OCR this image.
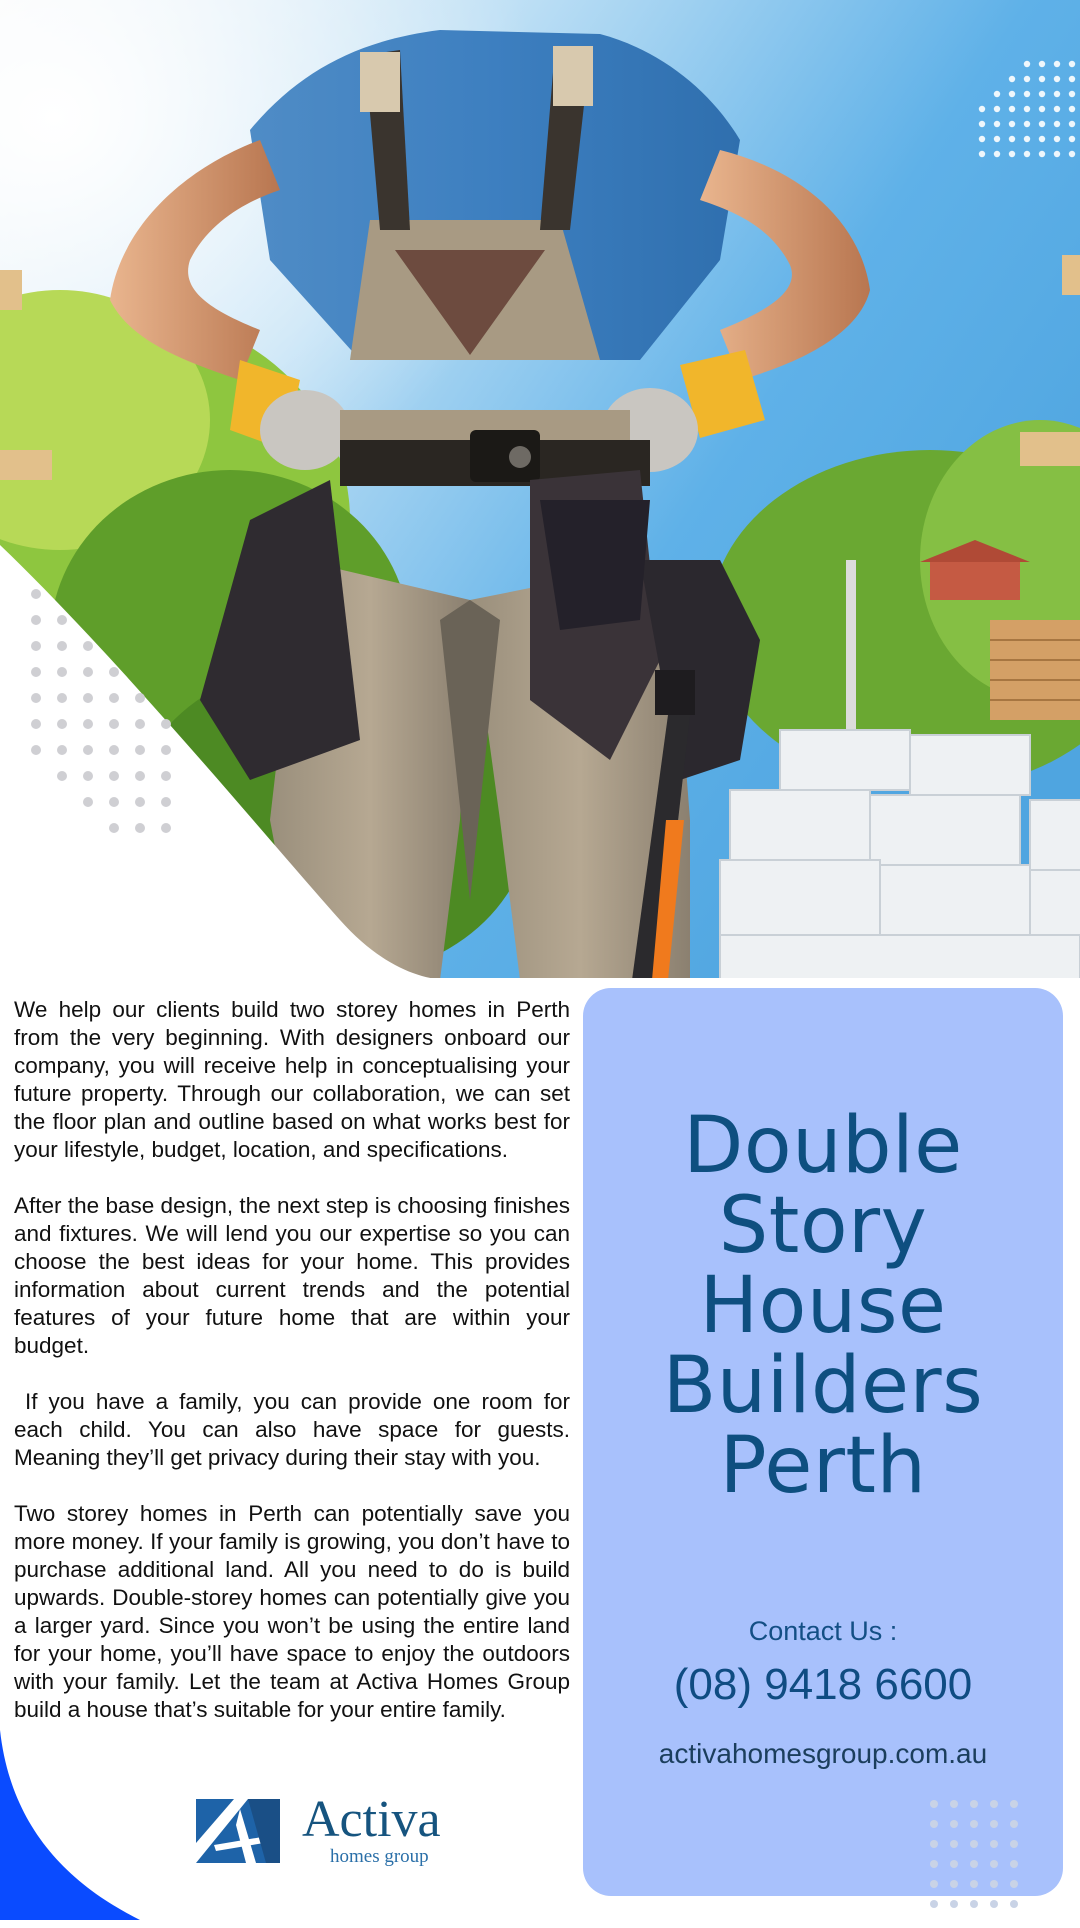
We help our clients build two storey homes in Perth from the very beginning. With designers onboard our company, you will receive help in conceptualising your future property. Through our collaboration, we can set the floor plan and outline based on what works best for your lifestyle, budget, location, and specifications.

After the base design, the next step is choosing finishes and fixtures. We will lend you our expertise so you can choose the best ideas for your home. This provides information about current trends and the potential features of your future home that are within your budget.

If you have a family, you can provide one room for each child. You can also have space for guests. Meaning they’ll get privacy during their stay with you.

Two storey homes in Perth can potentially save you more money. If your family is growing, you don’t have to purchase additional land. All you need to do is build upwards. Double-storey homes can potentially give you a larger yard. Since you won’t be using the entire land for your home, you’ll have space to enjoy the outdoors with your family. Let the team at Activa Homes Group build a house that’s suitable for your entire family.

Double
Story
House
Builders
Perth
Contact Us :
(08) 9418 6600
activahomesgroup.com.au
Activa
homes group
